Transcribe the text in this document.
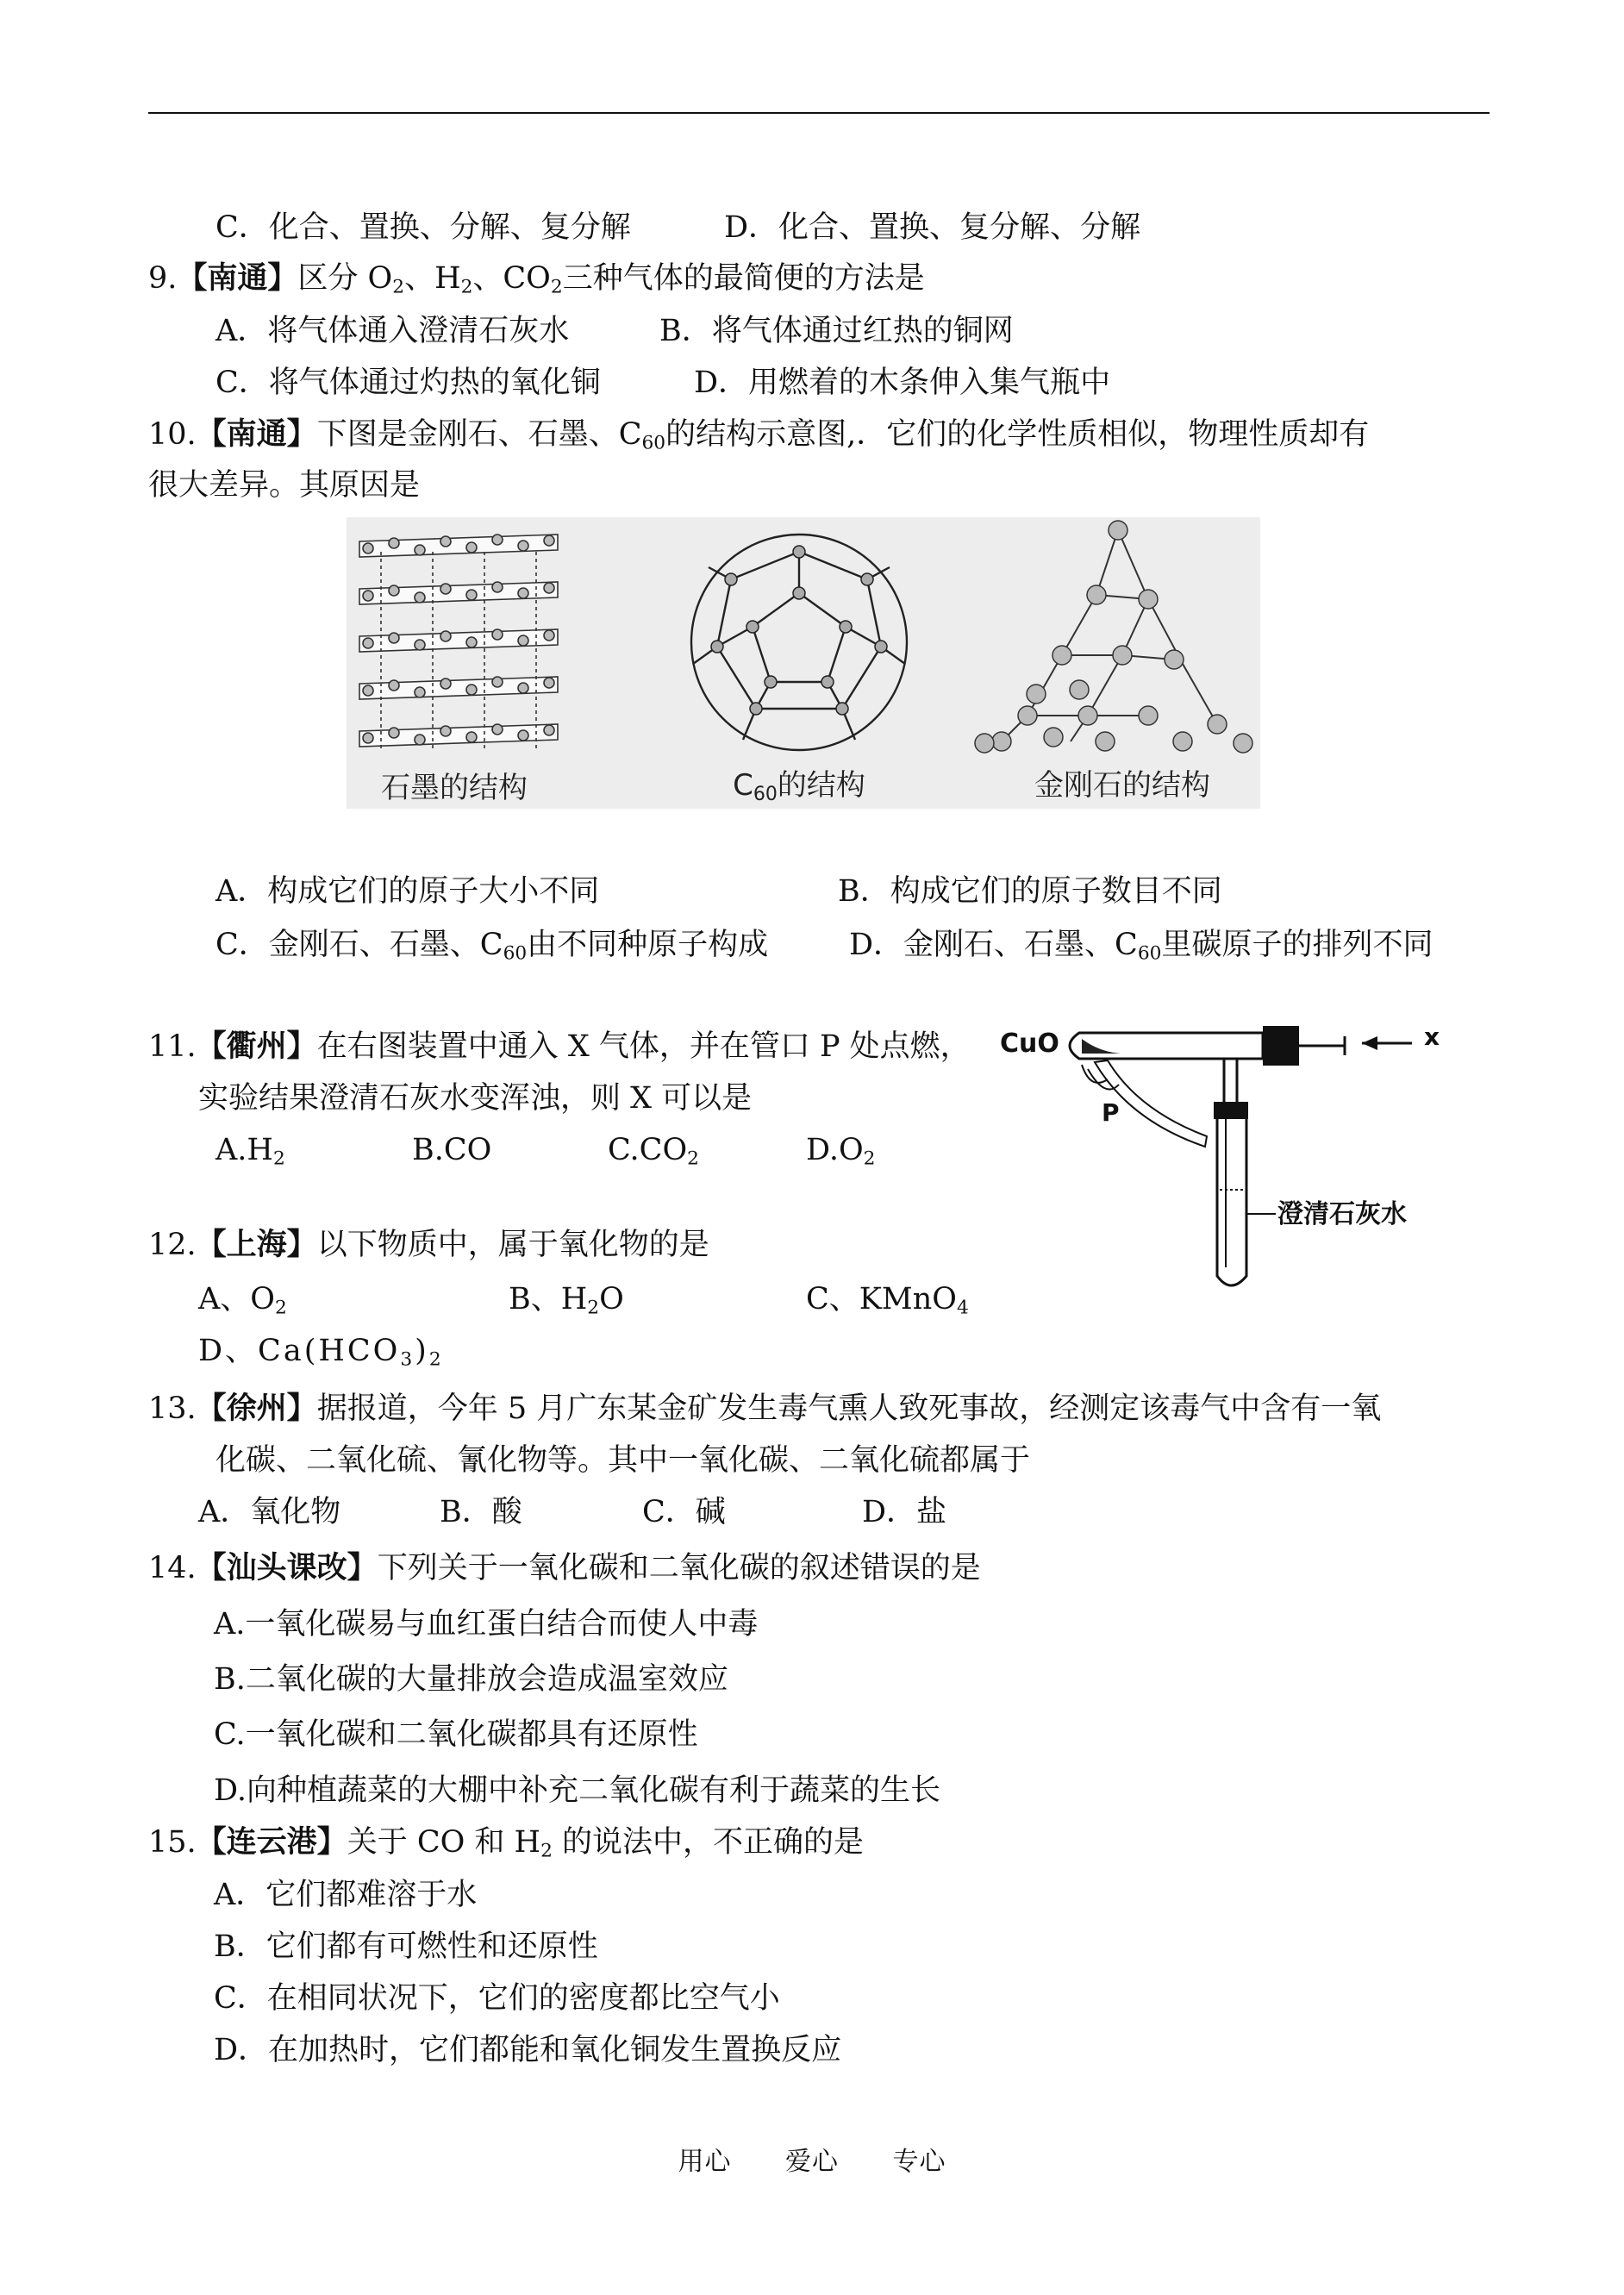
C．化合、置换、分解、复分解	D．化合、置换、复分解、分解
9.【南通】区分 $O_2$、$H_2$、$CO_2$三种气体的最简便的方法是
A．将气体通入澄清石灰水	B．将气体通过红热的铜网
C．将气体通过灼热的氧化铜	D．用燃着的木条伸入集气瓶中
10.【南通】下图是金刚石、石墨、$C_{60}$的结构示意图,．它们的化学性质相似，物理性质却有
很大差异。其原因是
石墨的结构	C60的结构	金刚石的结构
A．构成它们的原子大小不同	B．构成它们的原子数目不同
C．金刚石、石墨、$C_{60}$由不同种原子构成	D．金刚石、石墨、$C_{60}$里碳原子的排列不同
11.【衢州】在右图装置中通入 X 气体，并在管口 P 处点燃，
实验结果澄清石灰水变浑浊，则 X 可以是
$A.H_2$	B.CO	$C.CO_2$	$D.O_2$
CuO	x
P
澄清石灰水
12.【上海】以下物质中，属于氧化物的是
A、$O_2$	B、$H_2O$	C、KMnO$_4$
D、$Ca(HCO_3)_2$
13.【徐州】据报道，今年 5 月广东某金矿发生毒气熏人致死事故，经测定该毒气中含有一氧
化碳、二氧化硫、氰化物等。其中一氧化碳、二氧化硫都属于
A．氧化物	B．酸	C．碱	D．盐
14.【汕头课改】下列关于一氧化碳和二氧化碳的叙述错误的是
A.一氧化碳易与血红蛋白结合而使人中毒
B.二氧化碳的大量排放会造成温室效应
C.一氧化碳和二氧化碳都具有还原性
D.向种植蔬菜的大棚中补充二氧化碳有利于蔬菜的生长
15.【连云港】关于 CO 和 $H_2$ 的说法中，不正确的是
A．它们都难溶于水
B．它们都有可燃性和还原性
C．在相同状况下，它们的密度都比空气小
D．在加热时，它们都能和氧化铜发生置换反应
用心 爱心 专心
